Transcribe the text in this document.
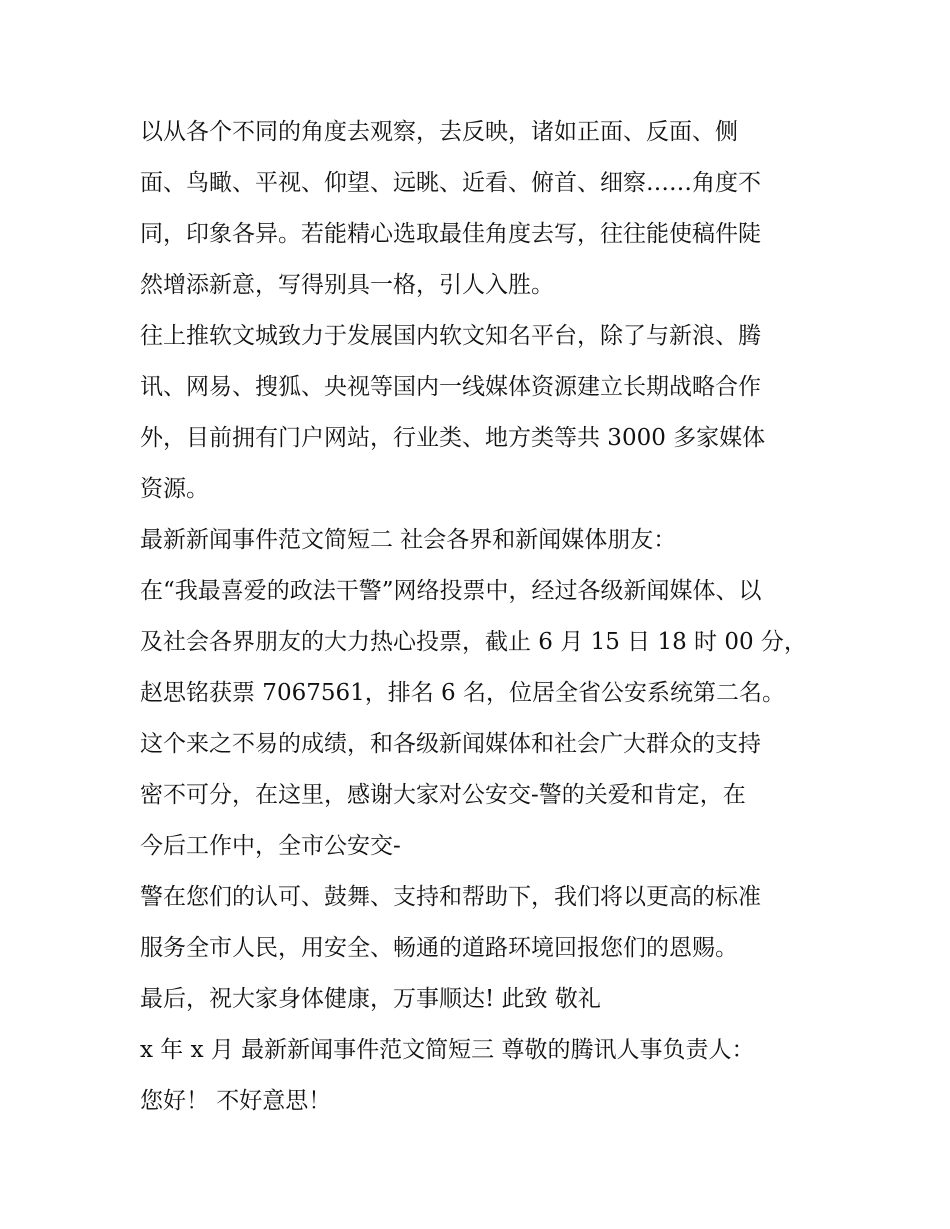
以从各个不同的角度去观察，去反映，诸如正面、反面、侧
面、鸟瞰、平视、仰望、远眺、近看、俯首、细察……角度不
同，印象各异。若能精心选取最佳角度去写，往往能使稿件陡
然增添新意，写得别具一格，引人入胜。
往上推软文城致力于发展国内软文知名平台，除了与新浪、腾
讯、网易、搜狐、央视等国内一线媒体资源建立长期战略合作
外，目前拥有门户网站，行业类、地方类等共 3000 多家媒体
资源。
最新新闻事件范文简短二 社会各界和新闻媒体朋友：
在“我最喜爱的政法干警”网络投票中，经过各级新闻媒体、以
及社会各界朋友的大力热心投票，截止 6 月 15 日 18 时 00 分，
赵思铭获票 7067561，排名 6 名，位居全省公安系统第二名。
这个来之不易的成绩，和各级新闻媒体和社会广大群众的支持
密不可分，在这里，感谢大家对公安交-警的关爱和肯定，在
今后工作中，全市公安交-
警在您们的认可、鼓舞、支持和帮助下，我们将以更高的标准
服务全市人民，用安全、畅通的道路环境回报您们的恩赐。
最后，祝大家身体健康，万事顺达! 此致 敬礼
x 年 x 月 最新新闻事件范文简短三 尊敬的腾讯人事负责人：
您好！ 不好意思！
